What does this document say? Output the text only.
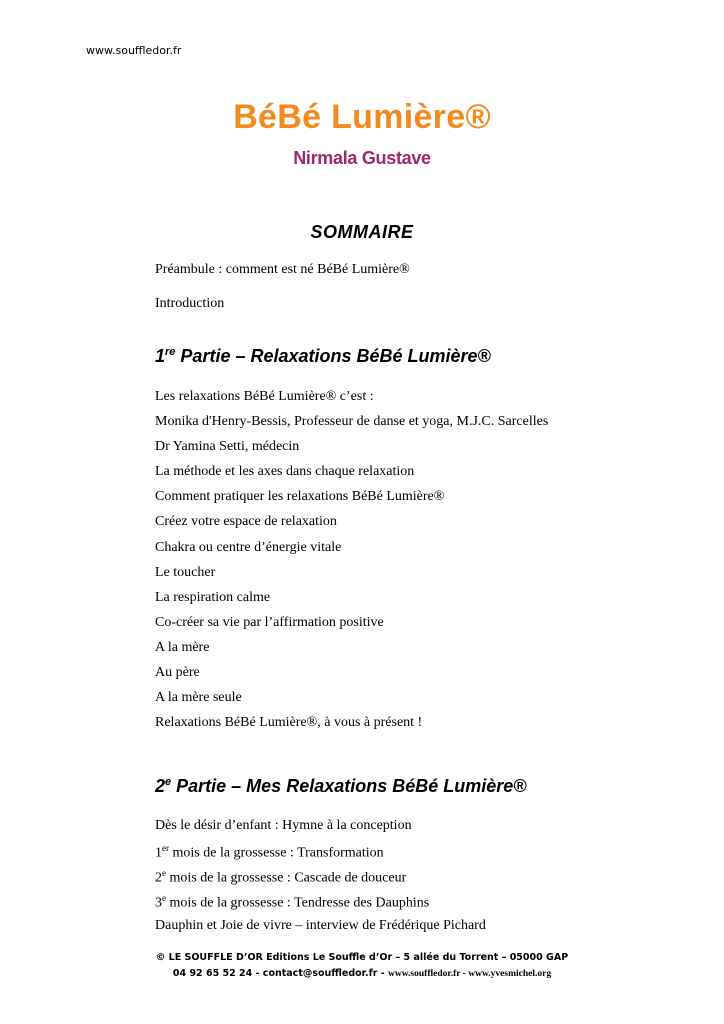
www.souffledor.fr
BéBé Lumière®
Nirmala Gustave
SOMMAIRE
Préambule : comment est né BéBé Lumière®
Introduction
1re Partie – Relaxations BéBé Lumière®
Les relaxations BéBé Lumière® c’est :
Monika d'Henry-Bessis, Professeur de danse et yoga, M.J.C. Sarcelles
Dr Yamina Setti, médecin
La méthode et les axes dans chaque relaxation
Comment pratiquer les relaxations BéBé Lumière®
Créez votre espace de relaxation
Chakra ou centre d’énergie vitale
Le toucher
La respiration calme
Co-créer sa vie par l’affirmation positive
A la mère
Au père
A la mère seule
Relaxations BéBé Lumière®, à vous à présent !
2e Partie – Mes Relaxations BéBé Lumière®
Dès le désir d’enfant : Hymne à la conception
1er mois de la grossesse : Transformation
2e mois de la grossesse : Cascade de douceur
3e mois de la grossesse : Tendresse des Dauphins
Dauphin et Joie de vivre – interview de Frédérique Pichard
© LE SOUFFLE D’OR Editions Le Souffle d’Or – 5 allée du Torrent – 05000 GAP
04 92 65 52 24 - contact@souffledor.fr - www.souffledor.fr - www.yvesmichel.org
